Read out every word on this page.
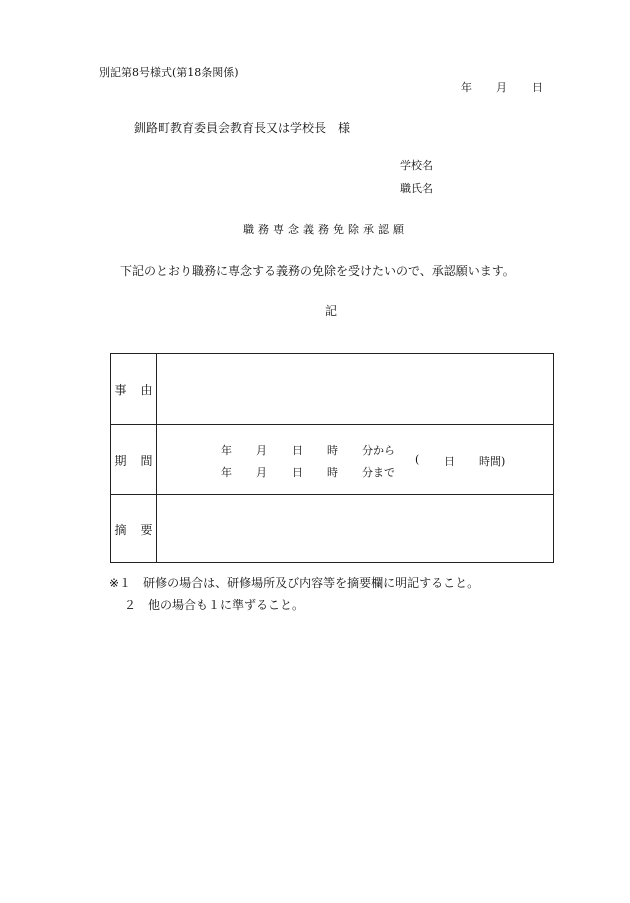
別記第8号様式(第18条関係)
年 月 日
釧路町教育委員会教育長又は学校長　様
学校名
職氏名
職務専念義務免除承認願
下記のとおり職務に専念する義務の免除を受けたいので、承認願います。
記
事 由
期 間
年 月 日 時 分から
年 月 日 時 分まで
( 日 時間)
摘 要
※１ 研修の場合は、研修場所及び内容等を摘要欄に明記すること。
２ 他の場合も１に準ずること。
